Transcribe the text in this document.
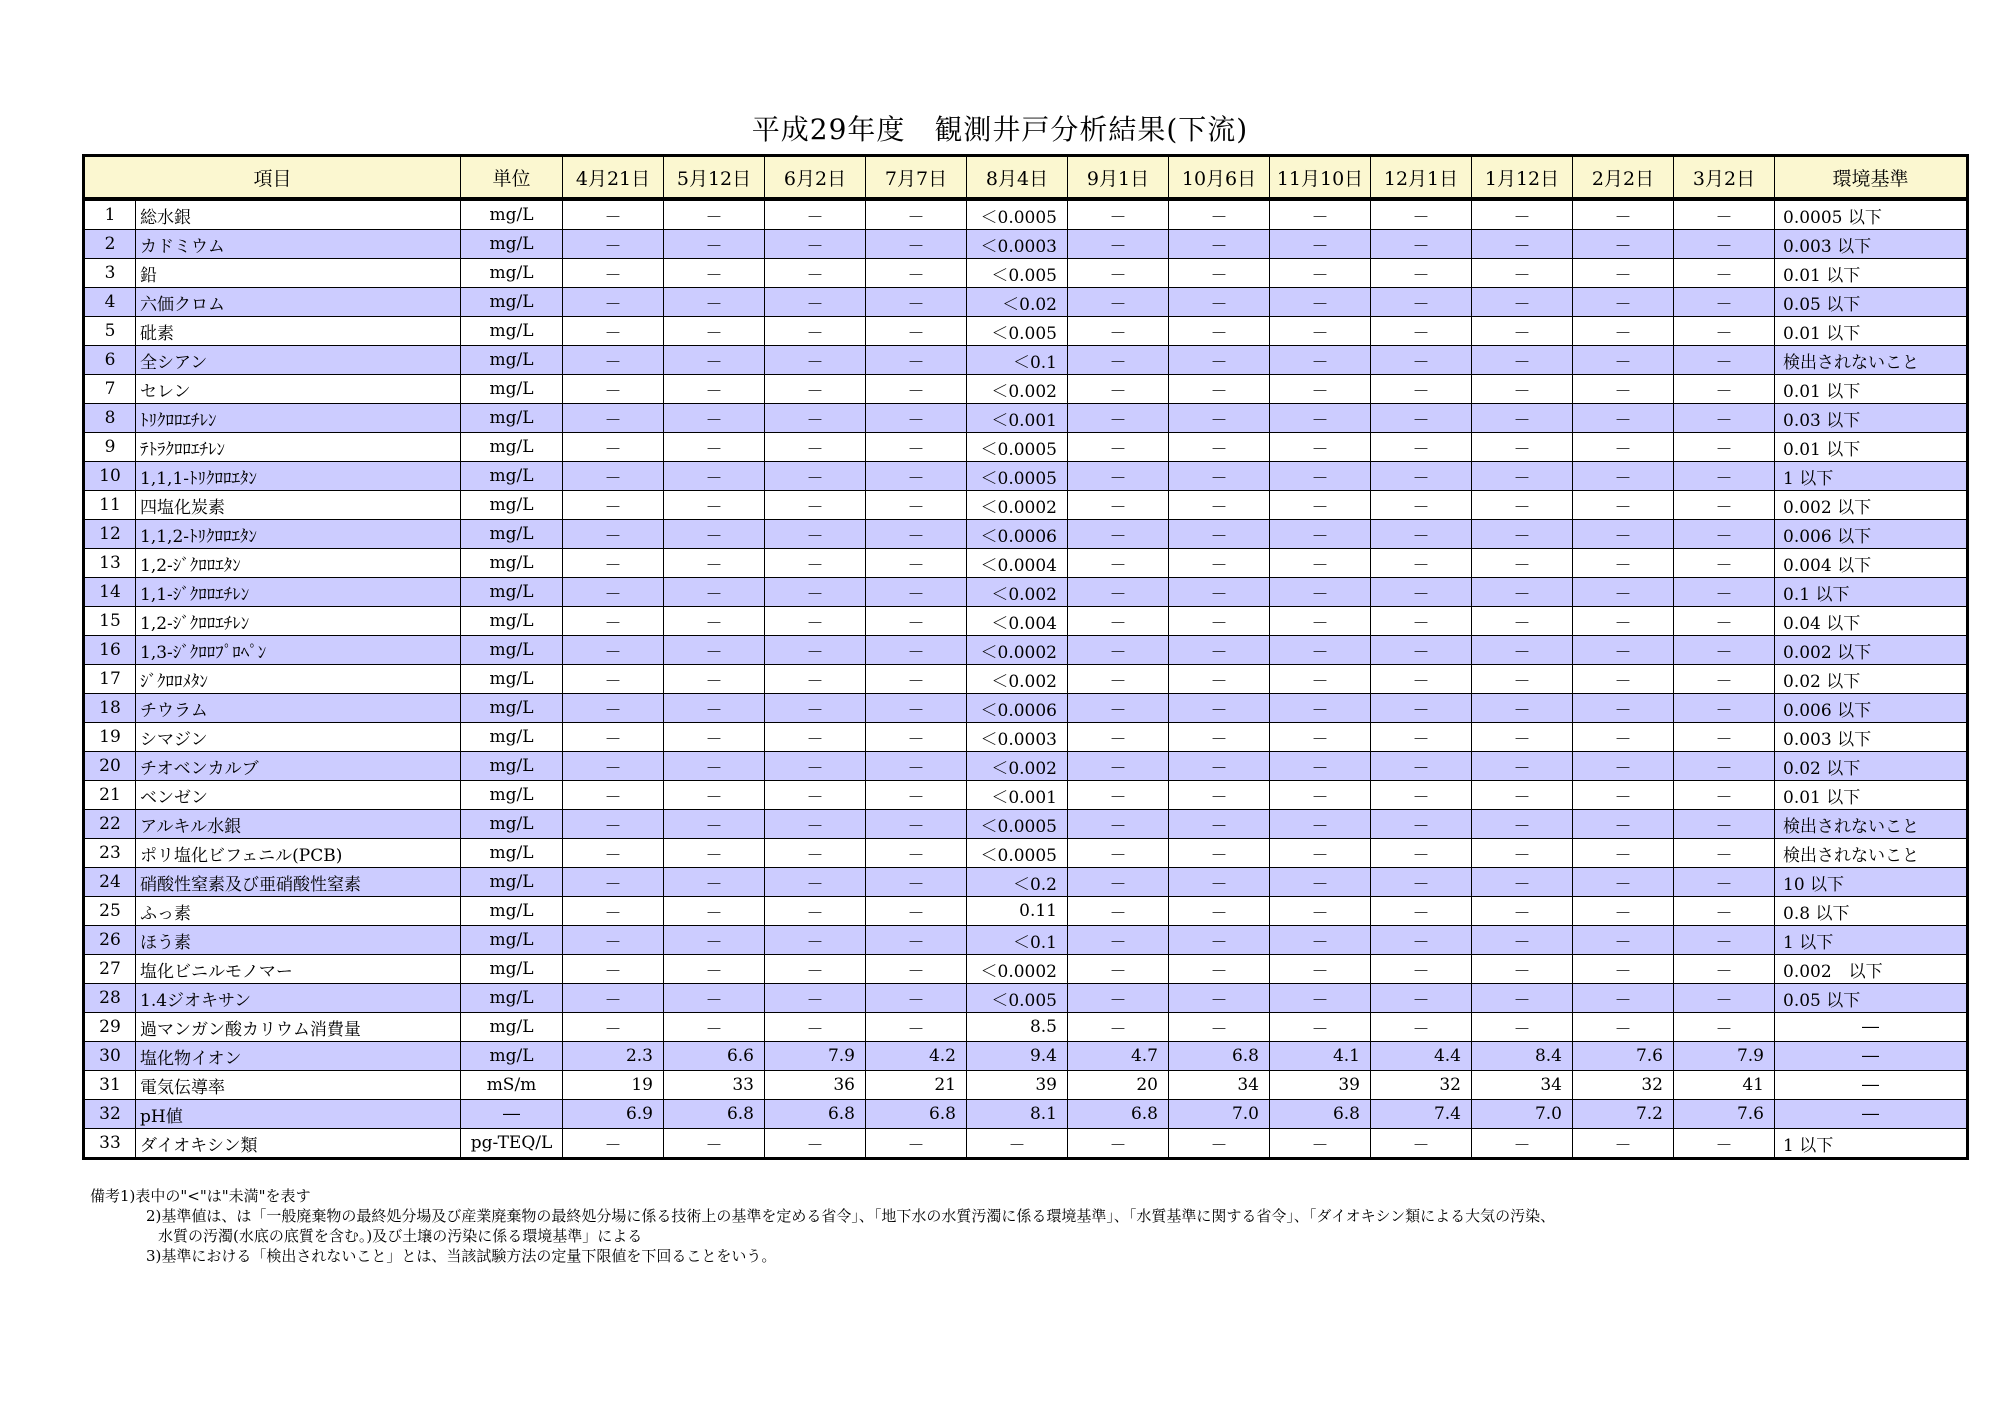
平成29年度　観測井戸分析結果(下流)
項目		単位	4月21日	5月12日	6月2日	7月7日	8月4日	9月1日	10月6日	11月10日	12月1日	1月12日	2月2日	3月2日	環境基準
1	総水銀	mg/L	－	－	－	－	＜0.0005	－	－	－	－	－	－	－	0.0005 以下
2	カドミウム	mg/L	－	－	－	－	＜0.0003	－	－	－	－	－	－	－	0.003 以下
3	鉛	mg/L	－	－	－	－	＜0.005	－	－	－	－	－	－	－	0.01 以下
4	六価クロム	mg/L	－	－	－	－	＜0.02	－	－	－	－	－	－	－	0.05 以下
5	砒素	mg/L	－	－	－	－	＜0.005	－	－	－	－	－	－	－	0.01 以下
6	全シアン	mg/L	－	－	－	－	＜0.1	－	－	－	－	－	－	－	検出されないこと
7	セレン	mg/L	－	－	－	－	＜0.002	－	－	－	－	－	－	－	0.01 以下
8	ﾄﾘｸﾛﾛｴﾁﾚﾝ	mg/L	－	－	－	－	＜0.001	－	－	－	－	－	－	－	0.03 以下
9	ﾃﾄﾗｸﾛﾛｴﾁﾚﾝ	mg/L	－	－	－	－	＜0.0005	－	－	－	－	－	－	－	0.01 以下
10	1,1,1-ﾄﾘｸﾛﾛｴﾀﾝ	mg/L	－	－	－	－	＜0.0005	－	－	－	－	－	－	－	1 以下
11	四塩化炭素	mg/L	－	－	－	－	＜0.0002	－	－	－	－	－	－	－	0.002 以下
12	1,1,2-ﾄﾘｸﾛﾛｴﾀﾝ	mg/L	－	－	－	－	＜0.0006	－	－	－	－	－	－	－	0.006 以下
13	1,2-ｼﾞｸﾛﾛｴﾀﾝ	mg/L	－	－	－	－	＜0.0004	－	－	－	－	－	－	－	0.004 以下
14	1,1-ｼﾞｸﾛﾛｴﾁﾚﾝ	mg/L	－	－	－	－	＜0.002	－	－	－	－	－	－	－	0.1 以下
15	1,2-ｼﾞｸﾛﾛｴﾁﾚﾝ	mg/L	－	－	－	－	＜0.004	－	－	－	－	－	－	－	0.04 以下
16	1,3-ｼﾞｸﾛﾛﾌﾟﾛﾍﾟﾝ	mg/L	－	－	－	－	＜0.0002	－	－	－	－	－	－	－	0.002 以下
17	ｼﾞｸﾛﾛﾒﾀﾝ	mg/L	－	－	－	－	＜0.002	－	－	－	－	－	－	－	0.02 以下
18	チウラム	mg/L	－	－	－	－	＜0.0006	－	－	－	－	－	－	－	0.006 以下
19	シマジン	mg/L	－	－	－	－	＜0.0003	－	－	－	－	－	－	－	0.003 以下
20	チオベンカルブ	mg/L	－	－	－	－	＜0.002	－	－	－	－	－	－	－	0.02 以下
21	ベンゼン	mg/L	－	－	－	－	＜0.001	－	－	－	－	－	－	－	0.01 以下
22	アルキル水銀	mg/L	－	－	－	－	＜0.0005	－	－	－	－	－	－	－	検出されないこと
23	ポリ塩化ビフェニル(PCB)	mg/L	－	－	－	－	＜0.0005	－	－	－	－	－	－	－	検出されないこと
24	硝酸性窒素及び亜硝酸性窒素	mg/L	－	－	－	－	＜0.2	－	－	－	－	－	－	－	10 以下
25	ふっ素	mg/L	－	－	－	－	0.11	－	－	－	－	－	－	－	0.8 以下
26	ほう素	mg/L	－	－	－	－	＜0.1	－	－	－	－	－	－	－	1 以下
27	塩化ビニルモノマー	mg/L	－	－	－	－	＜0.0002	－	－	－	－	－	－	－	0.002　以下
28	1.4ジオキサン	mg/L	－	－	－	－	＜0.005	－	－	－	－	－	－	－	0.05 以下
29	過マンガン酸カリウム消費量	mg/L	－	－	－	－	8.5	－	－	－	－	－	－	－	―
30	塩化物イオン	mg/L	2.3	6.6	7.9	4.2	9.4	4.7	6.8	4.1	4.4	8.4	7.6	7.9	―
31	電気伝導率	mS/m	19	33	36	21	39	20	34	39	32	34	32	41	―
32	pH値	―	6.9	6.8	6.8	6.8	8.1	6.8	7.0	6.8	7.4	7.0	7.2	7.6	―
33	ダイオキシン類	pg-TEQ/L	－	－	－	－	－	－	－	－	－	－	－	－	1 以下
備考1)表中の"<"は"未満"を表す
2)基準値は、は「一般廃棄物の最終処分場及び産業廃棄物の最終処分場に係る技術上の基準を定める省令」、「地下水の水質汚濁に係る環境基準」、「水質基準に関する省令」、「ダイオキシン類による大気の汚染、
水質の汚濁(水底の底質を含む。)及び土壌の汚染に係る環境基準」による
3)基準における「検出されないこと」とは、当該試験方法の定量下限値を下回ることをいう。
